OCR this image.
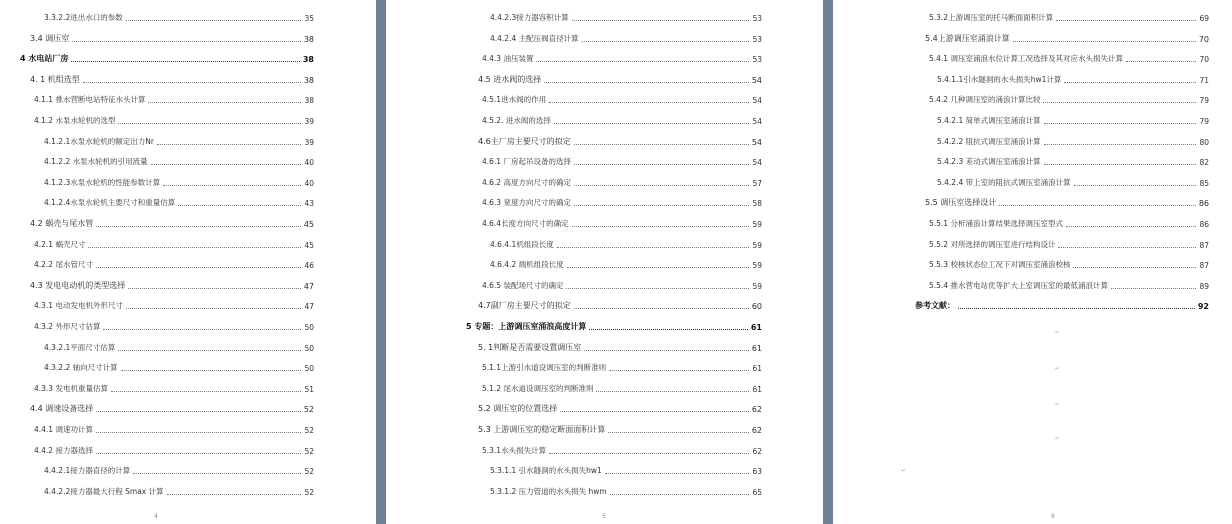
3.3.2.2进出水口的参数	35
3.4 调压室	38
4 水电站厂房	38
4. 1 机组选型	38
4.1.1 推水营断电站特征水头计算	38
4.1.2 水泵水轮机的选型	39
4.1.2.1水泵水轮机的额定出力Nr	39
4.1.2.2 水泵水轮机的引用流量	40
4.1.2.3水泵水轮机的性能参数计算	40
4.1.2.4水泵水轮机主要尺寸和重量估算	43
4.2 蜗壳与尾水管	45
4.2.1 蜗壳尺寸	45
4.2.2 尾水管尺寸	46
4.3 发电电动机的类型选择	47
4.3.1 电动发电机外形尺寸	47
4.3.2 外形尺寸估算	50
4.3.2.1平面尺寸估算	50
4.3.2.2 轴向尺寸计算	50
4.3.3 发电机重量估算	51
4.4 调速设备选择	52
4.4.1 调速功计算	52
4.4.2 接力器选择	52
4.4.2.1接力器直径的计算	52
4.4.2.2接力器最大行程 Smax 计算	52
4
4.4.2.3接力器容积计算	53
4.4.2.4 主配压阀直径计算	53
4.4.3 油压装置	53
4.5 进水阀的选择	54
4.5.1进水阀的作用	54
4.5.2. 进水阀的选择	54
4.6主厂房主要尺寸的拟定	54
4.6.1 厂房起吊设备的选择	54
4.6.2 高度方向尺寸的确定	57
4.6.3 宽度方向尺寸的确定	58
4.6.4长度方向尺寸的确定	59
4.6.4.1机组段长度	59
4.6.4.2 端机组段长度	59
4.6.5 装配场尺寸的确定	59
4.7副厂房主要尺寸的拟定	60
5 专题：上游调压室涌浪高度计算	61
5. 1判断是否需要设置调压室	61
5.1.1上游引水道设调压室的判断准则	61
5.1.2 尾水道设调压室的判断准则	61
5.2 调压室的位置选择	62
5.3 上游调压室的稳定断面面积计算	62
5.3.1水头损失计算	62
5.3.1.1 引水隧洞的水头损失hw1	63
5.3.1.2 压力管道的水头损失 hwm	65
5
5.3.2上游调压室的托马断面面积计算	69
5.4上游调压室涌浪计算	70
5.4.1 调压室涌浪水位计算工况选择及其对应水头损失计算	70
5.4.1.1引水隧洞的水头损失hw1计算	71
5.4.2 几种调压室的涌浪计算比较	79
5.4.2.1 简单式调压室涌浪计算	79
5.4.2.2 阻抗式调压室涌浪计算	80
5.4.2.3 差动式调压室涌浪计算	82
5.4.2.4 带上室的阻抗式调压室涌浪计算	85
5.5 调压室选择设计	86
5.5.1 分析涌浪计算结果选择调压室型式	86
5.5.2 对所选择的调压室进行结构设计	87
5.5.3 校核状态位工况下对调压室涌浪校核	87
5.5.4 推水营电站优等扩大上室调压室的最低涌浪计算	89
参考文献：	92
6
↵
↵
↵
↵
↵
